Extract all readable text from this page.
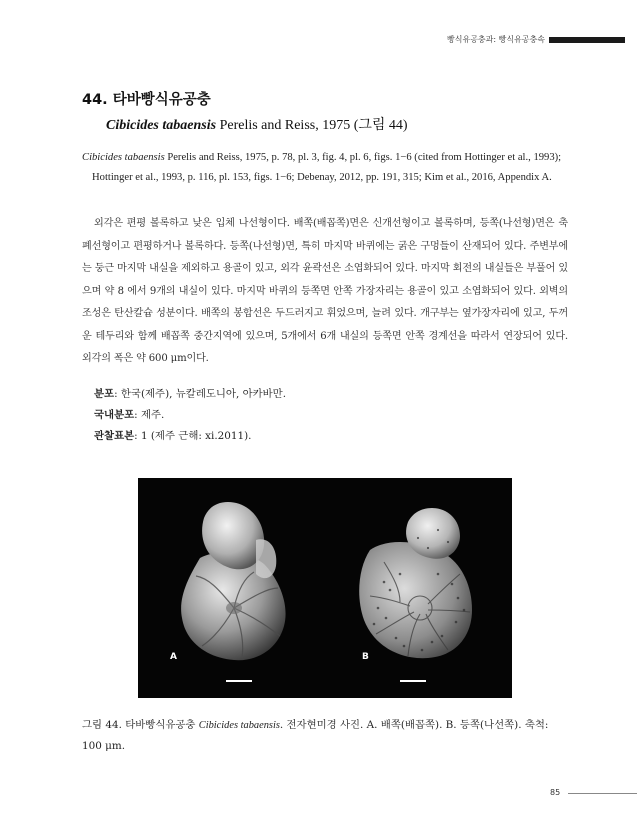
빵식유공충과: 빵식유공충속
44. 타바빵식유공충
Cibicides tabaensis Perelis and Reiss, 1975 (그림 44)

Cibicides tabaensis Perelis and Reiss, 1975, p. 78, pl. 3, fig. 4, pl. 6, figs. 1−6 (cited from Hottinger et al., 1993); Hottinger et al., 1993, p. 116, pl. 153, figs. 1−6; Debenay, 2012, pp. 191, 315; Kim et al., 2016, Appendix A.

외각은 편평 볼록하고 낮은 입체 나선형이다. 배쪽(배꼽쪽)면은 신개선형이고 볼록하며, 등쪽(나선형)면은 축폐선형이고 편평하거나 볼록하다. 등쪽(나선형)면, 특히 마지막 바퀴에는 굵은 구멍들이 산재되어 있다. 주변부에는 둥근 마지막 내실을 제외하고 용골이 있고, 외각 윤곽선은 소엽화되어 있다. 마지막 회전의 내실들은 부풀어 있으며 약 8 에서 9개의 내실이 있다. 마지막 바퀴의 등쪽면 안쪽 가장자리는 용골이 있고 소엽화되어 있다. 외벽의 조성은 탄산칼슘 성분이다. 배쪽의 봉합선은 두드러지고 휘었으며, 늘려 있다. 개구부는 옆가장자리에 있고, 두꺼운 테두리와 함께 배꼽쪽 중간지역에 있으며, 5개에서 6개 내실의 등쪽면 안쪽 경계선을 따라서 연장되어 있다. 외각의 폭은 약 600 μm이다.

분포: 한국(제주), 뉴칼레도니아, 아카바만.
국내분포: 제주.
관찰표본: 1 (제주 근해: xi.2011).
A	B
그림 44. 타바빵식유공충 Cibicides tabaensis. 전자현미경 사진. A. 배쪽(배꼽쪽). B. 등쪽(나선쪽). 축척: 100 μm.
85
